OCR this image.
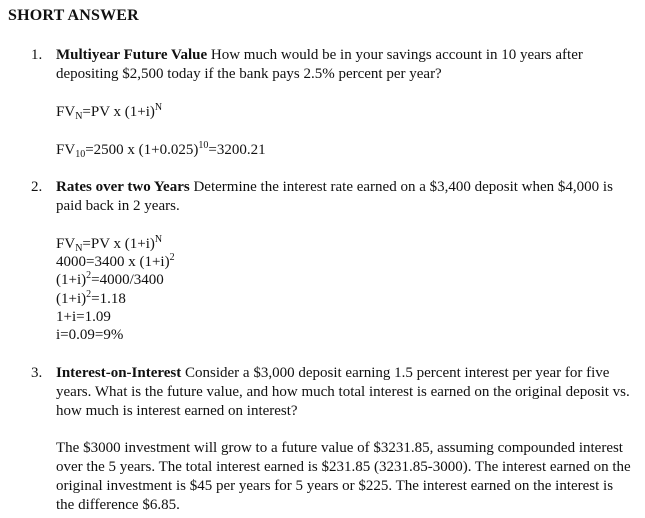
SHORT ANSWER
1. Multiyear Future Value How much would be in your savings account in 10 years after depositing $2,500 today if the bank pays 2.5% percent per year?
$FV_N=PV$ x $(1+i)^N$
$FV_{10}=2500$ x $(1+0.025)^{10}=3200.21$
2. Rates over two Years Determine the interest rate earned on a $3,400 deposit when $4,000 is paid back in 2 years.
$FV_N=PV$ x $(1+i)^N$
4000=3400 x $(1+i)^2$
$(1+i)^2=4000/3400$
$(1+i)^2=1.18$
1+i=1.09
i=0.09=9%
3. Interest-on-Interest Consider a $3,000 deposit earning 1.5 percent interest per year for five years. What is the future value, and how much total interest is earned on the original deposit vs. how much is interest earned on interest?
The $3000 investment will grow to a future value of $3231.85, assuming compounded interest over the 5 years. The total interest earned is $231.85 (3231.85-3000). The interest earned on the original investment is $45 per years for 5 years or $225. The interest earned on the interest is the difference $6.85.
